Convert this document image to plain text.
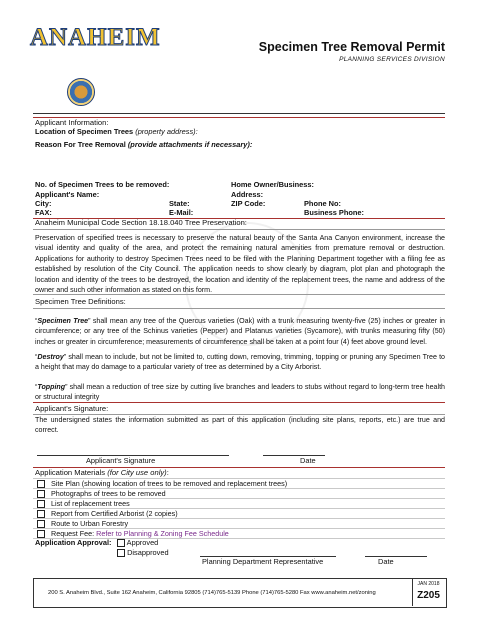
ANAHEIM	Specimen Tree Removal Permit
PLANNING SERVICES DIVISION
Applicant Information:
Location of Specimen Trees (property address):
Reason For Tree Removal (provide attachments if necessary):
No. of Specimen Trees to be removed:	Home Owner/Business:
Applicant's Name:	Address:
City:	State:	ZIP Code:	Phone No:
FAX:	E-Mail:	Business Phone:
Anaheim Municipal Code Section 18.18.040 Tree Preservation:
Preservation of specified trees is necessary to preserve the natural beauty of the Santa Ana Canyon environment, increase the visual identity and quality of the area, and protect the remaining natural amenities from premature removal or destruction. Applications for authority to destroy Specimen Trees need to be filed with the Planning Department together with a filing fee as established by resolution of the City Council. The application needs to show clearly by diagram, plot plan and photograph the location and identity of the trees to be destroyed, the location and identity of the replacement trees, the name and address of the owner and such other information as stated on this form.
Specimen Tree Definitions:
“Specimen Tree” shall mean any tree of the Quercus varieties (Oak) with a trunk measuring twenty-five (25) inches or greater in circumference; or any tree of the Schinus varieties (Pepper) and Platanus varieties (Sycamore), with trunks measuring fifty (50) inches or greater in circumference; measurements of circumference shall be taken at a point four (4) feet above ground level.
“Destroy” shall mean to include, but not be limited to, cutting down, removing, trimming, topping or pruning any Specimen Tree to a height that may do damage to a particular variety of tree as determined by a City Arborist.
“Topping” shall mean a reduction of tree size by cutting live branches and leaders to stubs without regard to long-term tree health or structural integrity
Applicant's Signature:
The undersigned states the information submitted as part of this application (including site plans, reports, etc.) are true and correct.
Applicant's Signature	Date
Application Materials (for City use only):
Site Plan (showing location of trees to be removed and replacement trees)
Photographs of trees to be removed
List of replacement trees
Report from Certified Arborist (2 copies)
Route to Urban Forestry
Request Fee: Refer to Planning & Zoning Fee Schedule
Application Approval:	Approved
Disapproved
Planning Department Representative	Date
200 S. Anaheim Blvd., Suite 162 Anaheim, California 92805 (714)765-5139 Phone (714)765-5280 Fax www.anaheim.net/zoning
JAN 2018
Z205
